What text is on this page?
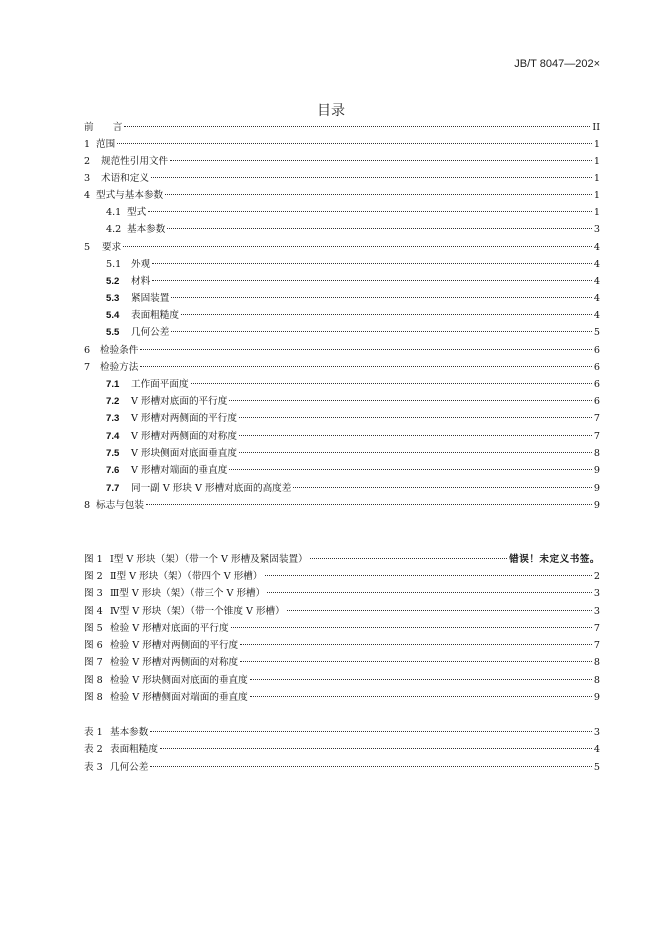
JB/T 8047—202×
目录
前　　言	II
1 范围	1
2 规范性引用文件	1
3 术语和定义	1
4 型式与基本参数	1
4.1 型式	1
4.2 基本参数	3
5 要求	4
5.1 外观	4
5.2 材料	4
5.3 紧固装置	4
5.4 表面粗糙度	4
5.5 几何公差	5
6 检验条件	6
7 检验方法	6
7.1 工作面平面度	6
7.2 V 形槽对底面的平行度	6
7.3 V 形槽对两侧面的平行度	7
7.4 V 形槽对两侧面的对称度	7
7.5 V 形块侧面对底面垂直度	8
7.6 V 形槽对端面的垂直度	9
7.7 同一副 V 形块 V 形槽对底面的高度差	9
8 标志与包装	9
图 1 Ⅰ型 V 形块（架）（带一个 V 形槽及紧固装置）	错误！未定义书签。
图 2 Ⅱ型 V 形块（架）（带四个 V 形槽）	2
图 3 Ⅲ型 V 形块（架）（带三个 V 形槽）	3
图 4 Ⅳ型 V 形块（架）（带一个锥度 V 形槽）	3
图 5 检验 V 形槽对底面的平行度	7
图 6 检验 V 形槽对两侧面的平行度	7
图 7 检验 V 形槽对两侧面的对称度	8
图 8 检验 V 形块侧面对底面的垂直度	8
图 8 检验 V 形槽侧面对端面的垂直度	9
表 1 基本参数	3
表 2 表面粗糙度	4
表 3 几何公差	5
